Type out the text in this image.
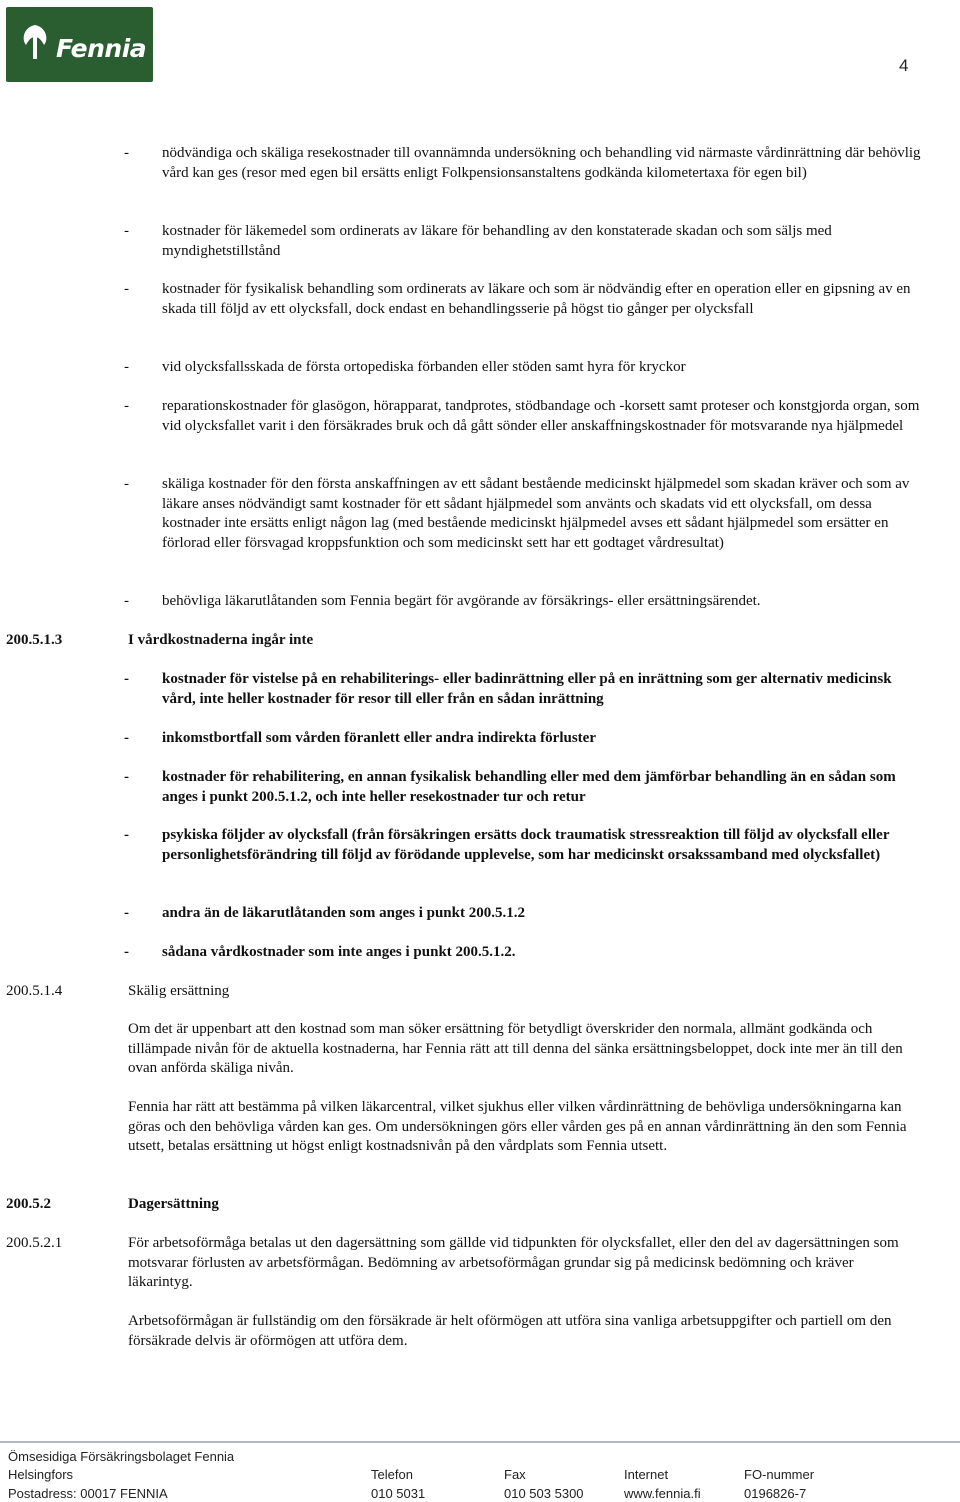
Fennia
4
- nödvändiga och skäliga resekostnader till ovannämnda undersökning och behandling vid närmaste vårdinrättning där behövlig vård kan ges (resor med egen bil ersätts enligt Folkpensionsanstaltens godkända kilometertaxa för egen bil)

- kostnader för läkemedel som ordinerats av läkare för behandling av den konstaterade skadan och som säljs med myndighetstillstånd

- kostnader för fysikalisk behandling som ordinerats av läkare och som är nödvändig efter en operation eller en gipsning av en skada till följd av ett olycksfall, dock endast en behandlingsserie på högst tio gånger per olycksfall

- vid olycksfallsskada de första ortopediska förbanden eller stöden samt hyra för kryckor

- reparationskostnader för glasögon, hörapparat, tandprotes, stödbandage och -korsett samt proteser och konstgjorda organ, som vid olycksfallet varit i den försäkrades bruk och då gått sönder eller anskaffningskostnader för motsvarande nya hjälpmedel

- skäliga kostnader för den första anskaffningen av ett sådant bestående medicinskt hjälpmedel som skadan kräver och som av läkare anses nödvändigt samt kostnader för ett sådant hjälpmedel som använts och skadats vid ett olycksfall, om dessa kostnader inte ersätts enligt någon lag (med bestående medicinskt hjälpmedel avses ett sådant hjälpmedel som ersätter en förlorad eller försvagad kroppsfunktion och som medicinskt sett har ett godtaget vårdresultat)

- behövliga läkarutlåtanden som Fennia begärt för avgörande av försäkrings- eller ersättningsärendet.

200.5.1.3	I vårdkostnaderna ingår inte
- kostnader för vistelse på en rehabiliterings- eller badinrättning eller på en inrättning som ger alternativ medicinsk vård, inte heller kostnader för resor till eller från en sådan inrättning

- inkomstbortfall som vården föranlett eller andra indirekta förluster

- kostnader för rehabilitering, en annan fysikalisk behandling eller med dem jämförbar behandling än en sådan som anges i punkt 200.5.1.2, och inte heller resekostnader tur och retur

- psykiska följder av olycksfall (från försäkringen ersätts dock traumatisk stressreaktion till följd av olycksfall eller personlighetsförändring till följd av förödande upplevelse, som har medicinskt orsakssamband med olycksfallet)

- andra än de läkarutlåtanden som anges i punkt 200.5.1.2

- sådana vårdkostnader som inte anges i punkt 200.5.1.2.

200.5.1.4	Skälig ersättning

Om det är uppenbart att den kostnad som man söker ersättning för betydligt överskrider den normala, allmänt godkända och tillämpade nivån för de aktuella kostnaderna, har Fennia rätt att till denna del sänka ersättningsbeloppet, dock inte mer än till den ovan anförda skäliga nivån.

Fennia har rätt att bestämma på vilken läkarcentral, vilket sjukhus eller vilken vårdinrättning de behövliga undersökningarna kan göras och den behövliga vården kan ges. Om undersökningen görs eller vården ges på en annan vårdinrättning än den som Fennia utsett, betalas ersättning ut högst enligt kostnadsnivån på den vårdplats som Fennia utsett.

200.5.2	Dagersättning
200.5.2.1	För arbetsoförmåga betalas ut den dagersättning som gällde vid tidpunkten för olycksfallet, eller den del av dagersättningen som motsvarar förlusten av arbetsförmågan. Bedömning av arbetsoförmågan grundar sig på medicinsk bedömning och kräver läkarintyg.

Arbetsoförmågan är fullständig om den försäkrade är helt oförmögen att utföra sina vanliga arbetsuppgifter och partiell om den försäkrade delvis är oförmögen att utföra dem.

Ömsesidiga Försäkringsbolaget Fennia
Helsingfors
Postadress: 00017 FENNIA
Telefon
010 5031
Fax
010 503 5300
Internet
www.fennia.fi
FO-nummer
0196826-7
